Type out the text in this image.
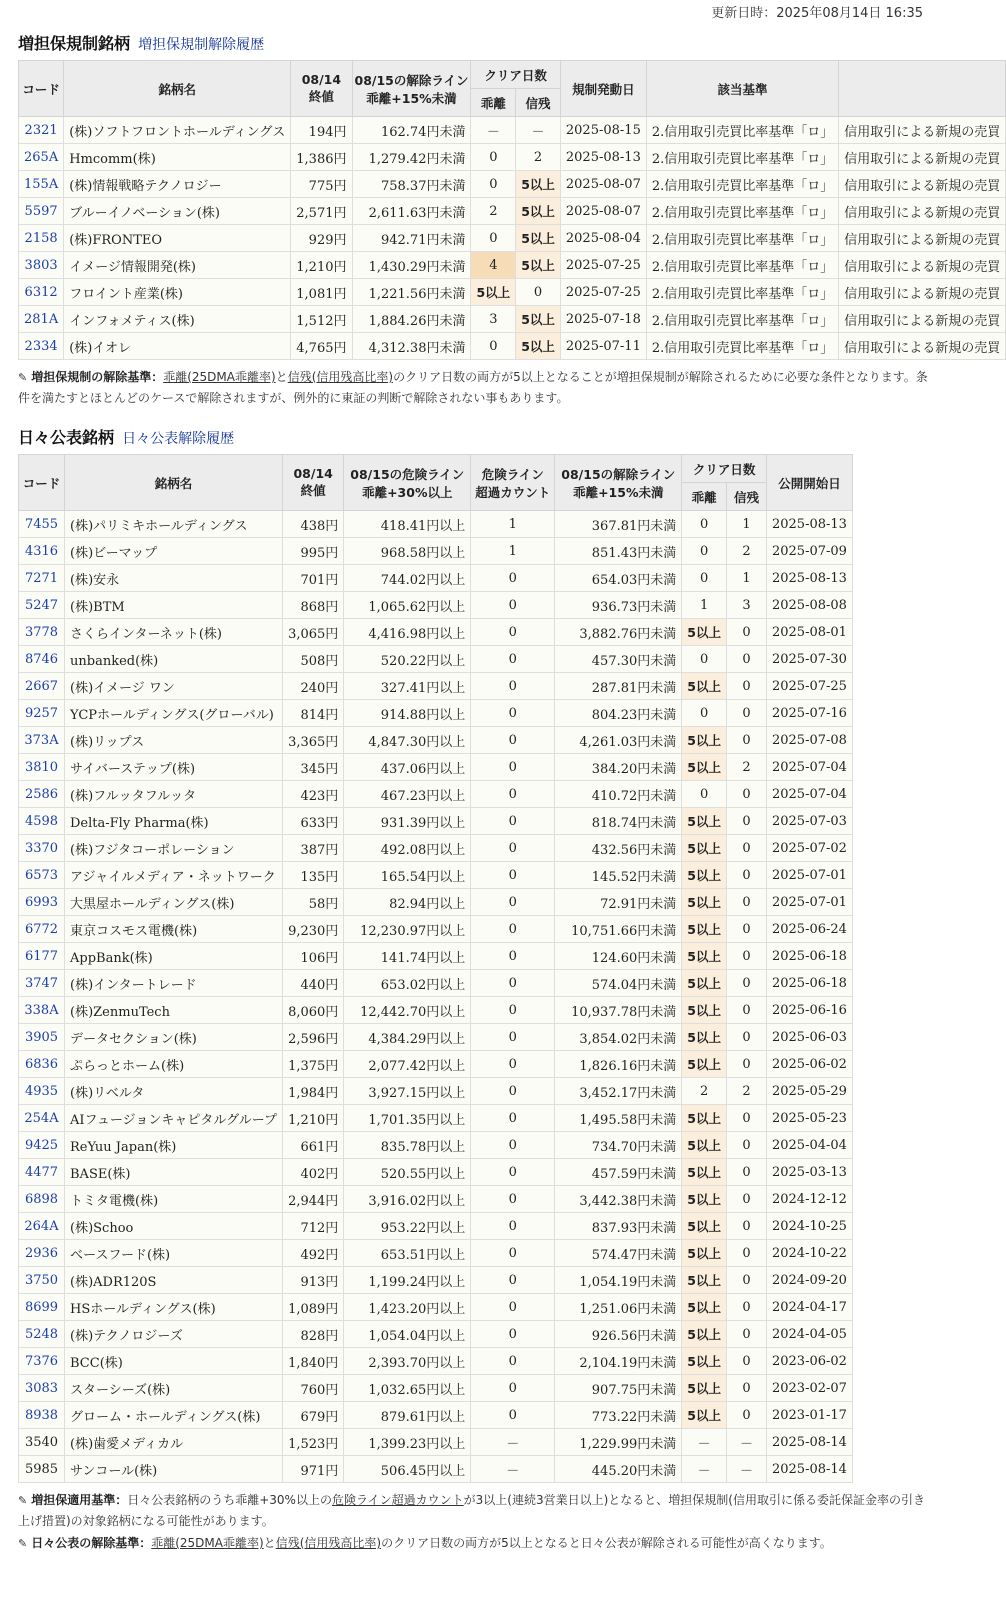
更新日時：2025年08月14日 16:35
増担保規制銘柄 増担保規制解除履歴
コード	銘柄名	08/14
終値	08/15の解除ライン
乖離+15%未満	クリア日数		規制発動日	該当基準	
				乖離	信残			
2321	(株)ソフトフロントホールディングス	194円	162.74円未満	－	－	2025-08-15	2.信用取引売買比率基準「ロ」	信用取引による新規の売買
265A	Hmcomm(株)	1,386円	1,279.42円未満	0	2	2025-08-13	2.信用取引売買比率基準「ロ」	信用取引による新規の売買
155A	(株)情報戦略テクノロジー	775円	758.37円未満	0	5以上	2025-08-07	2.信用取引売買比率基準「ロ」	信用取引による新規の売買
5597	ブルーイノベーション(株)	2,571円	2,611.63円未満	2	5以上	2025-08-07	2.信用取引売買比率基準「ロ」	信用取引による新規の売買
2158	(株)FRONTEO	929円	942.71円未満	0	5以上	2025-08-04	2.信用取引売買比率基準「ロ」	信用取引による新規の売買
3803	イメージ情報開発(株)	1,210円	1,430.29円未満	4	5以上	2025-07-25	2.信用取引売買比率基準「ロ」	信用取引による新規の売買
6312	フロイント産業(株)	1,081円	1,221.56円未満	5以上	0	2025-07-25	2.信用取引売買比率基準「ロ」	信用取引による新規の売買
281A	インフォメティス(株)	1,512円	1,884.26円未満	3	5以上	2025-07-18	2.信用取引売買比率基準「ロ」	信用取引による新規の売買
2334	(株)イオレ	4,765円	4,312.38円未満	0	5以上	2025-07-11	2.信用取引売買比率基準「ロ」	信用取引による新規の売買
✎ 増担保規制の解除基準：乖離(25DMA乖離率)と信残(信用残高比率)のクリア日数の両方が5以上となることが増担保規制が解除されるために必要な条件となります。条件を満たすとほとんどのケースで解除されますが、例外的に東証の判断で解除されない事もあります。
日々公表銘柄 日々公表解除履歴
コード	銘柄名	08/14
終値	08/15の危険ライン
乖離+30%以上	危険ライン
超過カウント	08/15の解除ライン
乖離+15%未満	クリア日数		公開開始日
						乖離	信残	
7455	(株)パリミキホールディングス	438円	418.41円以上	1	367.81円未満	0	1	2025-08-13
4316	(株)ビーマップ	995円	968.58円以上	1	851.43円未満	0	2	2025-07-09
7271	(株)安永	701円	744.02円以上	0	654.03円未満	0	1	2025-08-13
5247	(株)BTM	868円	1,065.62円以上	0	936.73円未満	1	3	2025-08-08
3778	さくらインターネット(株)	3,065円	4,416.98円以上	0	3,882.76円未満	5以上	0	2025-08-01
8746	unbanked(株)	508円	520.22円以上	0	457.30円未満	0	0	2025-07-30
2667	(株)イメージ ワン	240円	327.41円以上	0	287.81円未満	5以上	0	2025-07-25
9257	YCPホールディングス(グローバル)	814円	914.88円以上	0	804.23円未満	0	0	2025-07-16
373A	(株)リップス	3,365円	4,847.30円以上	0	4,261.03円未満	5以上	0	2025-07-08
3810	サイバーステップ(株)	345円	437.06円以上	0	384.20円未満	5以上	2	2025-07-04
2586	(株)フルッタフルッタ	423円	467.23円以上	0	410.72円未満	0	0	2025-07-04
4598	Delta-Fly Pharma(株)	633円	931.39円以上	0	818.74円未満	5以上	0	2025-07-03
3370	(株)フジタコーポレーション	387円	492.08円以上	0	432.56円未満	5以上	0	2025-07-02
6573	アジャイルメディア・ネットワーク	135円	165.54円以上	0	145.52円未満	5以上	0	2025-07-01
6993	大黒屋ホールディングス(株)	58円	82.94円以上	0	72.91円未満	5以上	0	2025-07-01
6772	東京コスモス電機(株)	9,230円	12,230.97円以上	0	10,751.66円未満	5以上	0	2025-06-24
6177	AppBank(株)	106円	141.74円以上	0	124.60円未満	5以上	0	2025-06-18
3747	(株)インタートレード	440円	653.02円以上	0	574.04円未満	5以上	0	2025-06-18
338A	(株)ZenmuTech	8,060円	12,442.70円以上	0	10,937.78円未満	5以上	0	2025-06-16
3905	データセクション(株)	2,596円	4,384.29円以上	0	3,854.02円未満	5以上	0	2025-06-03
6836	ぷらっとホーム(株)	1,375円	2,077.42円以上	0	1,826.16円未満	5以上	0	2025-06-02
4935	(株)リベルタ	1,984円	3,927.15円以上	0	3,452.17円未満	2	2	2025-05-29
254A	AIフュージョンキャピタルグループ	1,210円	1,701.35円以上	0	1,495.58円未満	5以上	0	2025-05-23
9425	ReYuu Japan(株)	661円	835.78円以上	0	734.70円未満	5以上	0	2025-04-04
4477	BASE(株)	402円	520.55円以上	0	457.59円未満	5以上	0	2025-03-13
6898	トミタ電機(株)	2,944円	3,916.02円以上	0	3,442.38円未満	5以上	0	2024-12-12
264A	(株)Schoo	712円	953.22円以上	0	837.93円未満	5以上	0	2024-10-25
2936	ベースフード(株)	492円	653.51円以上	0	574.47円未満	5以上	0	2024-10-22
3750	(株)ADR120S	913円	1,199.24円以上	0	1,054.19円未満	5以上	0	2024-09-20
8699	HSホールディングス(株)	1,089円	1,423.20円以上	0	1,251.06円未満	5以上	0	2024-04-17
5248	(株)テクノロジーズ	828円	1,054.04円以上	0	926.56円未満	5以上	0	2024-04-05
7376	BCC(株)	1,840円	2,393.70円以上	0	2,104.19円未満	5以上	0	2023-06-02
3083	スターシーズ(株)	760円	1,032.65円以上	0	907.75円未満	5以上	0	2023-02-07
8938	グローム・ホールディングス(株)	679円	879.61円以上	0	773.22円未満	5以上	0	2023-01-17
3540	(株)歯愛メディカル	1,523円	1,399.23円以上	－	1,229.99円未満	－	－	2025-08-14
5985	サンコール(株)	971円	506.45円以上	－	445.20円未満	－	－	2025-08-14
✎ 増担保適用基準：日々公表銘柄のうち乖離+30%以上の危険ライン超過カウントが3以上(連続3営業日以上)となると、増担保規制(信用取引に係る委託保証金率の引き上げ措置)の対象銘柄になる可能性があります。
✎ 日々公表の解除基準：乖離(25DMA乖離率)と信残(信用残高比率)のクリア日数の両方が5以上となると日々公表が解除される可能性が高くなります。
